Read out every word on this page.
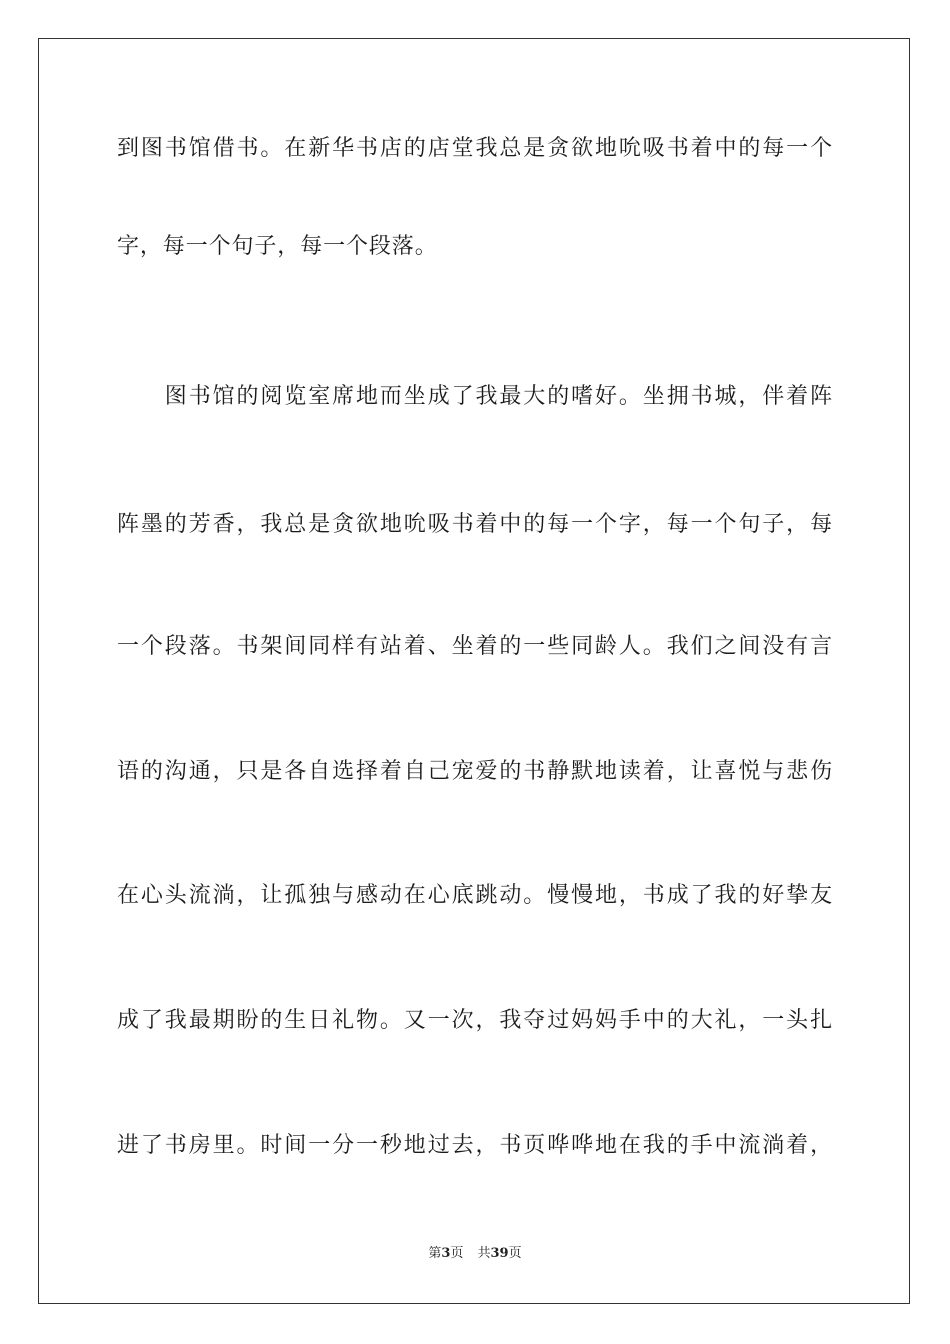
到图书馆借书。在新华书店的店堂我总是贪欲地吮吸书着中的每一个
字，每一个句子，每一个段落。
　　图书馆的阅览室席地而坐成了我最大的嗜好。坐拥书城，伴着阵
阵墨的芳香，我总是贪欲地吮吸书着中的每一个字，每一个句子，每
一个段落。书架间同样有站着、坐着的一些同龄人。我们之间没有言
语的沟通，只是各自选择着自己宠爱的书静默地读着，让喜悦与悲伤
在心头流淌，让孤独与感动在心底跳动。慢慢地，书成了我的好挚友
成了我最期盼的生日礼物。又一次，我夺过妈妈手中的大礼，一头扎
进了书房里。时间一分一秒地过去，书页哗哗地在我的手中流淌着，
第3页 共39页
